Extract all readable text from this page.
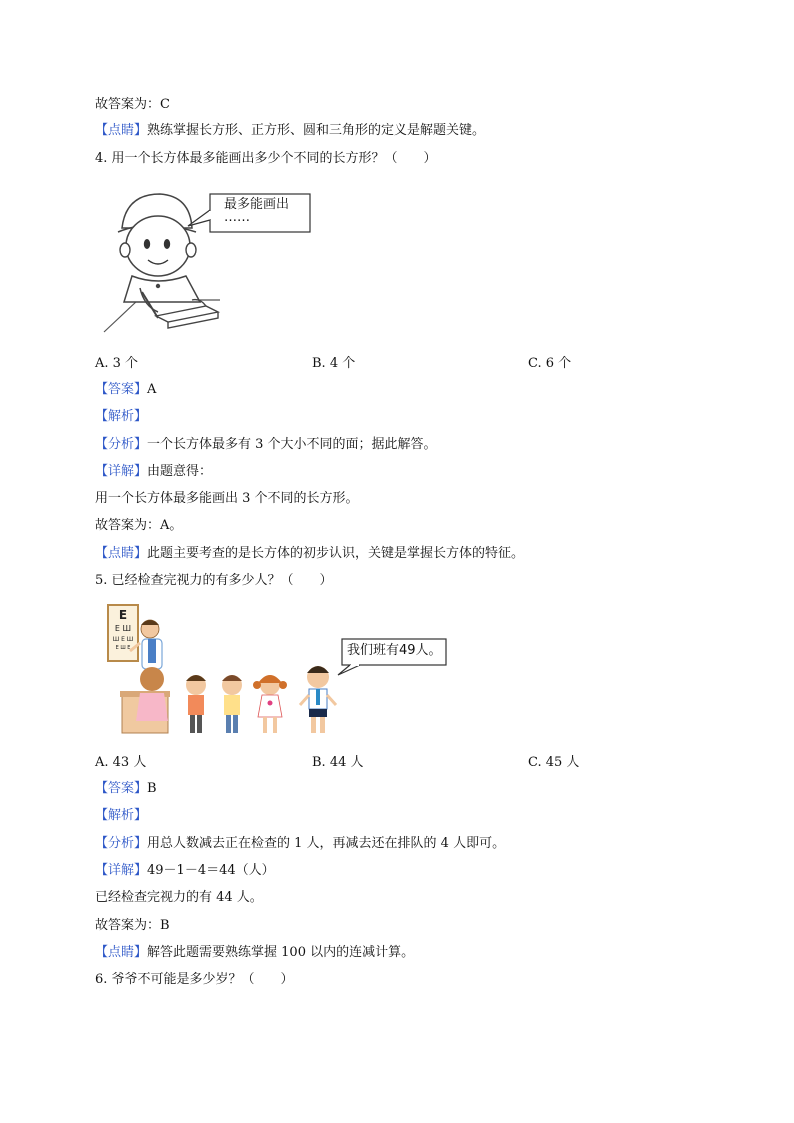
故答案为：C
【点睛】熟练掌握长方形、正方形、圆和三角形的定义是解题关键。
4. 用一个长方体最多能画出多少个不同的长方形？（　　）
最多能画出
……
A. 3 个	B. 4 个	C. 6 个
【答案】A
【解析】
【分析】一个长方体最多有 3 个大小不同的面；据此解答。
【详解】由题意得：
用一个长方体最多能画出 3 个不同的长方形。
故答案为：A。
【点睛】此题主要考查的是长方体的初步认识，关键是掌握长方体的特征。
5. 已经检查完视力的有多少人？（　　）
E
E Ш
Ш E Ш
E Ш E	我们班有49人。
A. 43 人	B. 44 人	C. 45 人
【答案】B
【解析】
【分析】用总人数减去正在检查的 1 人，再减去还在排队的 4 人即可。
【详解】49－1－4＝44（人）
已经检查完视力的有 44 人。
故答案为：B
【点睛】解答此题需要熟练掌握 100 以内的连减计算。
6. 爷爷不可能是多少岁？（　　）
